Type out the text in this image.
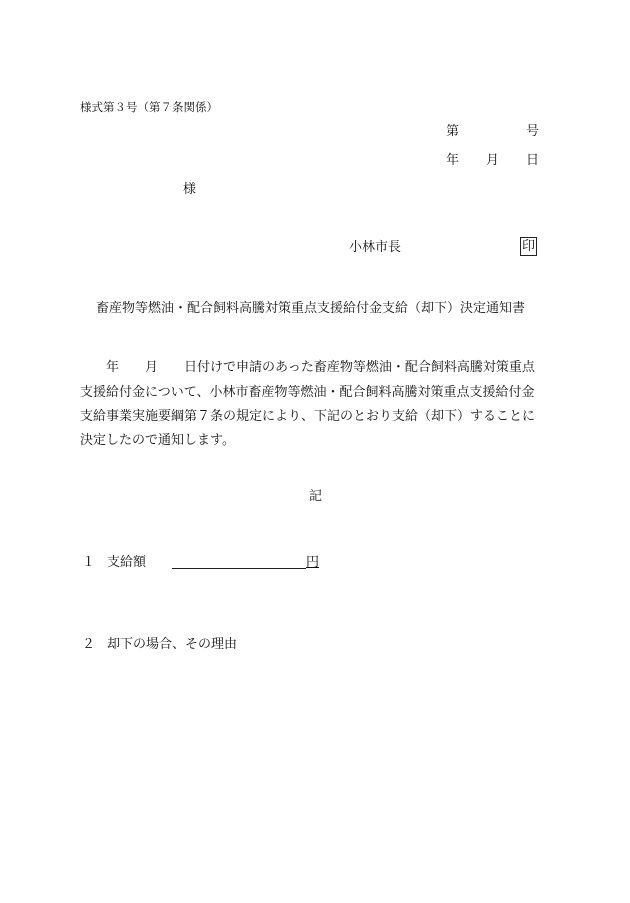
様式第３号（第７条関係）
第	号
年 月 日
様
小林市長	印
畜産物等燃油・配合飼料高騰対策重点支援給付金支給（却下）決定通知書
　　年　　月　　日付けで申請のあった畜産物等燃油・配合飼料高騰対策重点
支援給付金について、小林市畜産物等燃油・配合飼料高騰対策重点支援給付金
支給事業実施要綱第７条の規定により、下記のとおり支給（却下）することに
決定したので通知します。
記
１ 支給額	円
２ 却下の場合、その理由
